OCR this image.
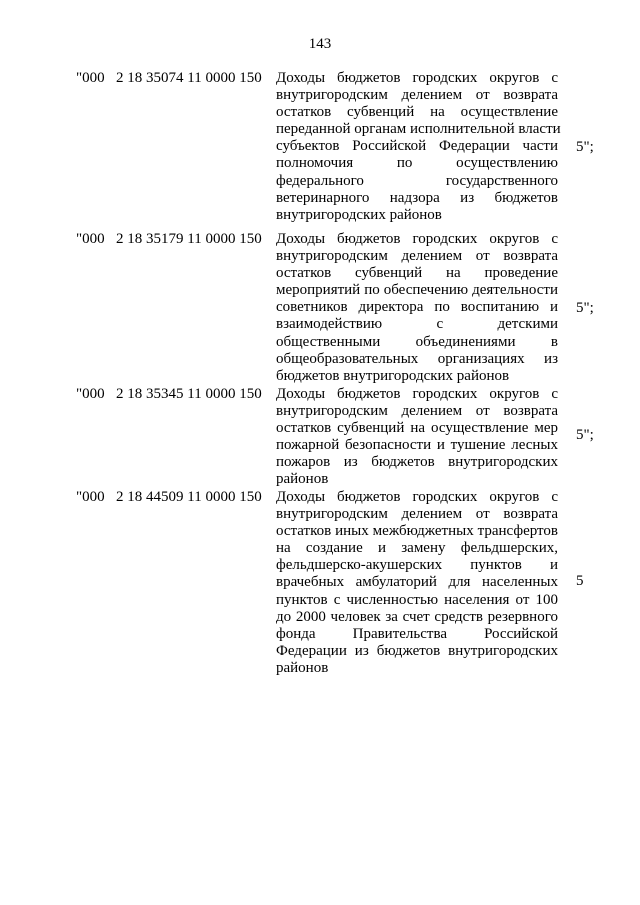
143
"000 2 18 35074 11 0000 150 Доходы бюджетов городских округов с
внутригородским делением от возврата
остатков субвенций на осуществление
переданной органам исполнительной власти
субъектов Российской Федерации части
полномочия по осуществлению
федерального государственного
ветеринарного надзора из бюджетов
внутригородских районов
5";
"000 2 18 35179 11 0000 150 Доходы бюджетов городских округов с
внутригородским делением от возврата
остатков субвенций на проведение
мероприятий по обеспечению деятельности
советников директора по воспитанию и
взаимодействию с детскими
общественными объединениями в
общеобразовательных организациях из
бюджетов внутригородских районов
5";
"000 2 18 35345 11 0000 150 Доходы бюджетов городских округов с
внутригородским делением от возврата
остатков субвенций на осуществление мер
пожарной безопасности и тушение лесных
пожаров из бюджетов внутригородских
районов
5";
"000 2 18 44509 11 0000 150 Доходы бюджетов городских округов с
внутригородским делением от возврата
остатков иных межбюджетных трансфертов
на создание и замену фельдшерских,
фельдшерско-акушерских пунктов и
врачебных амбулаторий для населенных
пунктов с численностью населения от 100
до 2000 человек за счет средств резервного
фонда Правительства Российской
Федерации из бюджетов внутригородских
районов
5
